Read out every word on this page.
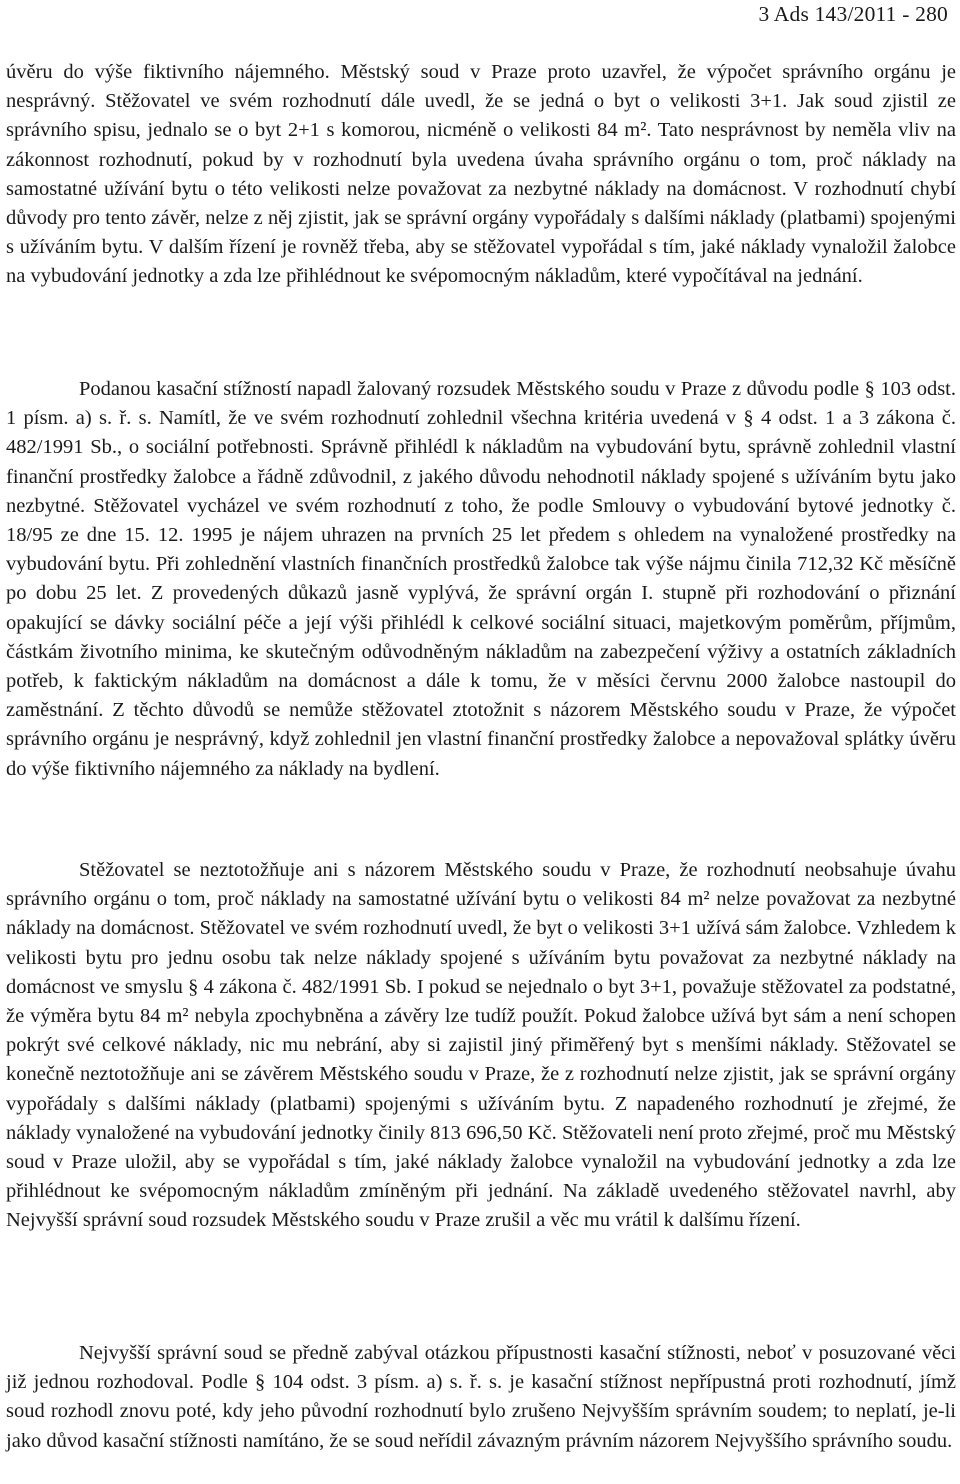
3 Ads 143/2011 - 280

úvěru do výše fiktivního nájemného. Městský soud v Praze proto uzavřel, že výpočet správního orgánu je nesprávný. Stěžovatel ve svém rozhodnutí dále uvedl, že se jedná o byt o velikosti 3+1. Jak soud zjistil ze správního spisu, jednalo se o byt 2+1 s komorou, nicméně o velikosti 84 m². Tato nesprávnost by neměla vliv na zákonnost rozhodnutí, pokud by v rozhodnutí byla uvedena úvaha správního orgánu o tom, proč náklady na samostatné užívání bytu o této velikosti nelze považovat za nezbytné náklady na domácnost. V rozhodnutí chybí důvody pro tento závěr, nelze z něj zjistit, jak se správní orgány vypořádaly s dalšími náklady (platbami) spojenými s užíváním bytu. V dalším řízení je rovněž třeba, aby se stěžovatel vypořádal s tím, jaké náklady vynaložil žalobce na vybudování jednotky a zda lze přihlédnout ke svépomocným nákladům, které vypočítával na jednání.

Podanou kasační stížností napadl žalovaný rozsudek Městského soudu v Praze z důvodu podle § 103 odst. 1 písm. a) s. ř. s. Namítl, že ve svém rozhodnutí zohlednil všechna kritéria uvedená v § 4 odst. 1 a 3 zákona č. 482/1991 Sb., o sociální potřebnosti. Správně přihlédl k nákladům na vybudování bytu, správně zohlednil vlastní finanční prostředky žalobce a řádně zdůvodnil, z jakého důvodu nehodnotil náklady spojené s užíváním bytu jako nezbytné. Stěžovatel vycházel ve svém rozhodnutí z toho, že podle Smlouvy o vybudování bytové jednotky č. 18/95 ze dne 15. 12. 1995 je nájem uhrazen na prvních 25 let předem s ohledem na vynaložené prostředky na vybudování bytu. Při zohlednění vlastních finančních prostředků žalobce tak výše nájmu činila 712,32 Kč měsíčně po dobu 25 let. Z provedených důkazů jasně vyplývá, že správní orgán I. stupně při rozhodování o přiznání opakující se dávky sociální péče a její výši přihlédl k celkové sociální situaci, majetkovým poměrům, příjmům, částkám životního minima, ke skutečným odůvodněným nákladům na zabezpečení výživy a ostatních základních potřeb, k faktickým nákladům na domácnost a dále k tomu, že v měsíci červnu 2000 žalobce nastoupil do zaměstnání. Z těchto důvodů se nemůže stěžovatel ztotožnit s názorem Městského soudu v Praze, že výpočet správního orgánu je nesprávný, když zohlednil jen vlastní finanční prostředky žalobce a nepovažoval splátky úvěru do výše fiktivního nájemného za náklady na bydlení.

Stěžovatel se neztotožňuje ani s názorem Městského soudu v Praze, že rozhodnutí neobsahuje úvahu správního orgánu o tom, proč náklady na samostatné užívání bytu o velikosti 84 m² nelze považovat za nezbytné náklady na domácnost. Stěžovatel ve svém rozhodnutí uvedl, že byt o velikosti 3+1 užívá sám žalobce. Vzhledem k velikosti bytu pro jednu osobu tak nelze náklady spojené s užíváním bytu považovat za nezbytné náklady na domácnost ve smyslu § 4 zákona č. 482/1991 Sb. I pokud se nejednalo o byt 3+1, považuje stěžovatel za podstatné, že výměra bytu 84 m² nebyla zpochybněna a závěry lze tudíž použít. Pokud žalobce užívá byt sám a není schopen pokrýt své celkové náklady, nic mu nebrání, aby si zajistil jiný přiměřený byt s menšími náklady. Stěžovatel se konečně neztotožňuje ani se závěrem Městského soudu v Praze, že z rozhodnutí nelze zjistit, jak se správní orgány vypořádaly s dalšími náklady (platbami) spojenými s užíváním bytu. Z napadeného rozhodnutí je zřejmé, že náklady vynaložené na vybudování jednotky činily 813 696,50 Kč. Stěžovateli není proto zřejmé, proč mu Městský soud v Praze uložil, aby se vypořádal s tím, jaké náklady žalobce vynaložil na vybudování jednotky a zda lze přihlédnout ke svépomocným nákladům zmíněným při jednání. Na základě uvedeného stěžovatel navrhl, aby Nejvyšší správní soud rozsudek Městského soudu v Praze zrušil a věc mu vrátil k dalšímu řízení.

Nejvyšší správní soud se předně zabýval otázkou přípustnosti kasační stížnosti, neboť v posuzované věci již jednou rozhodoval. Podle § 104 odst. 3 písm. a) s. ř. s. je kasační stížnost nepřípustná proti rozhodnutí, jímž soud rozhodl znovu poté, kdy jeho původní rozhodnutí bylo zrušeno Nejvyšším správním soudem; to neplatí, je-li jako důvod kasační stížnosti namítáno, že se soud neřídil závazným právním názorem Nejvyššího správního soudu.
